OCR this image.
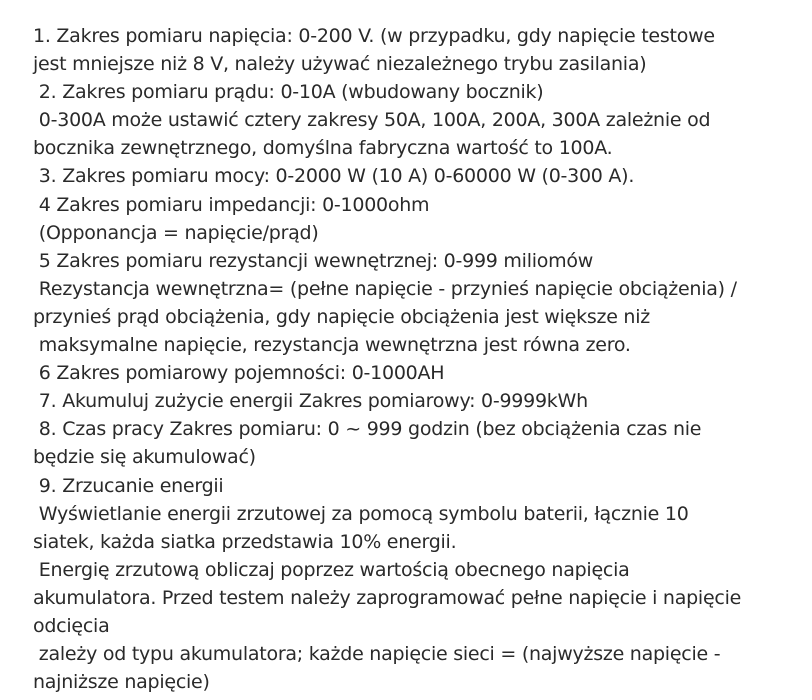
1. Zakres pomiaru napięcia: 0-200 V. (w przypadku, gdy napięcie testowe
jest mniejsze niż 8 V, należy używać niezależnego trybu zasilania)
2. Zakres pomiaru prądu: 0-10A (wbudowany bocznik)
0-300A może ustawić cztery zakresy 50A, 100A, 200A, 300A zależnie od
bocznika zewnętrznego, domyślna fabryczna wartość to 100A.
3. Zakres pomiaru mocy: 0-2000 W (10 A) 0-60000 W (0-300 A).
4 Zakres pomiaru impedancji: 0-1000ohm
(Opponancja = napięcie/prąd)
5 Zakres pomiaru rezystancji wewnętrznej: 0-999 miliomów
Rezystancja wewnętrzna= (pełne napięcie - przynieś napięcie obciążenia) /
przynieś prąd obciążenia, gdy napięcie obciążenia jest większe niż
maksymalne napięcie, rezystancja wewnętrzna jest równa zero.
6 Zakres pomiarowy pojemności: 0-1000AH
7. Akumuluj zużycie energii Zakres pomiarowy: 0-9999kWh
8. Czas pracy Zakres pomiaru: 0 ~ 999 godzin (bez obciążenia czas nie
będzie się akumulować)
9. Zrzucanie energii
Wyświetlanie energii zrzutowej za pomocą symbolu baterii, łącznie 10
siatek, każda siatka przedstawia 10% energii.
Energię zrzutową obliczaj poprzez wartością obecnego napięcia
akumulatora. Przed testem należy zaprogramować pełne napięcie i napięcie
odcięcia
zależy od typu akumulatora; każde napięcie sieci = (najwyższe napięcie -
najniższe napięcie)
